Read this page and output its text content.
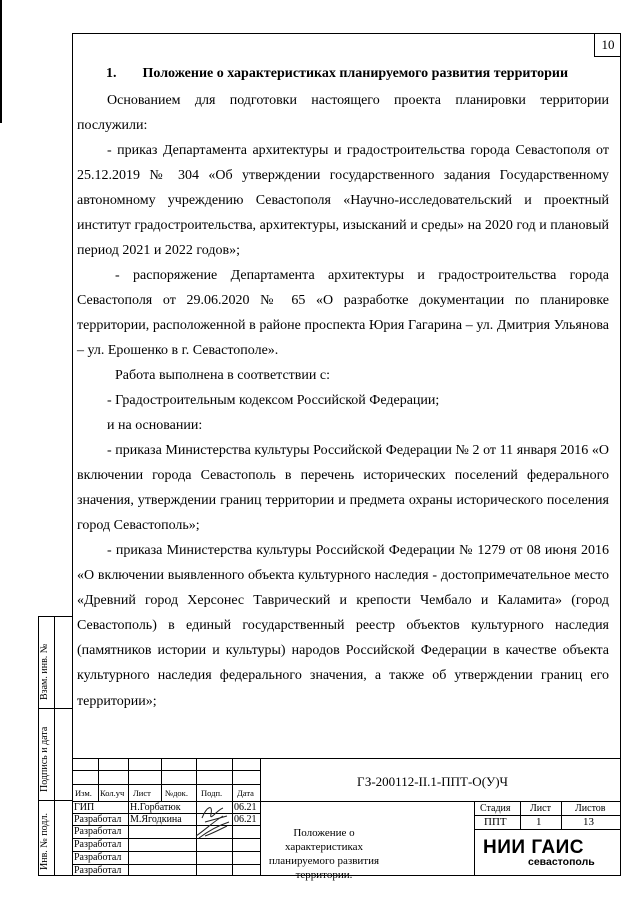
10
1. Положение о характеристиках планируемого развития территории
Основанием для подготовки настоящего проекта планировки территории послужили:
- приказ Департамента архитектуры и градостроительства города Севастополя от 25.12.2019 № 304 «Об утверждении государственного задания Государственному автономному учреждению Севастополя «Научно-исследовательский и проектный институт градостроительства, архитектуры, изысканий и среды» на 2020 год и плановый период 2021 и 2022 годов»;
- распоряжение Департамента архитектуры и градостроительства города Севастополя от 29.06.2020 № 65 «О разработке документации по планировке территории, расположенной в районе проспекта Юрия Гагарина – ул. Дмитрия Ульянова – ул. Ерошенко в г. Севастополе».
Работа выполнена в соответствии с:
- Градостроительным кодексом Российской Федерации;
и на основании:
- приказа Министерства культуры Российской Федерации № 2 от 11 января 2016 «О включении города Севастополь в перечень исторических поселений федерального значения, утверждении границ территории и предмета охраны исторического поселения город Севастополь»;
- приказа Министерства культуры Российской Федерации № 1279 от 08 июня 2016 «О включении выявленного объекта культурного наследия - достопримечательное место «Древний город Херсонес Таврический и крепости Чембало и Каламита» (город Севастополь) в единый государственный реестр объектов культурного наследия (памятников истории и культуры) народов Российской Федерации в качестве объекта культурного наследия федерального значения, а также об утверждении границ его территории»;
Взам. инв. №
Подпись и дата
Инв. № подл.
Изм. Кол.уч Лист №док. Подп. Дата
ГИП	Н.Горбатюк	06.21
Разработал М.Ягодкина	06.21
Разработал
Разработал
Разработал
Разработал
ГЗ-200112-II.1-ППТ-О(У)Ч
Положение о характеристиках планируемого развития территории.
Стадия Лист Листов
ППТ	1	13
НИИ ГАИС
севастополь
